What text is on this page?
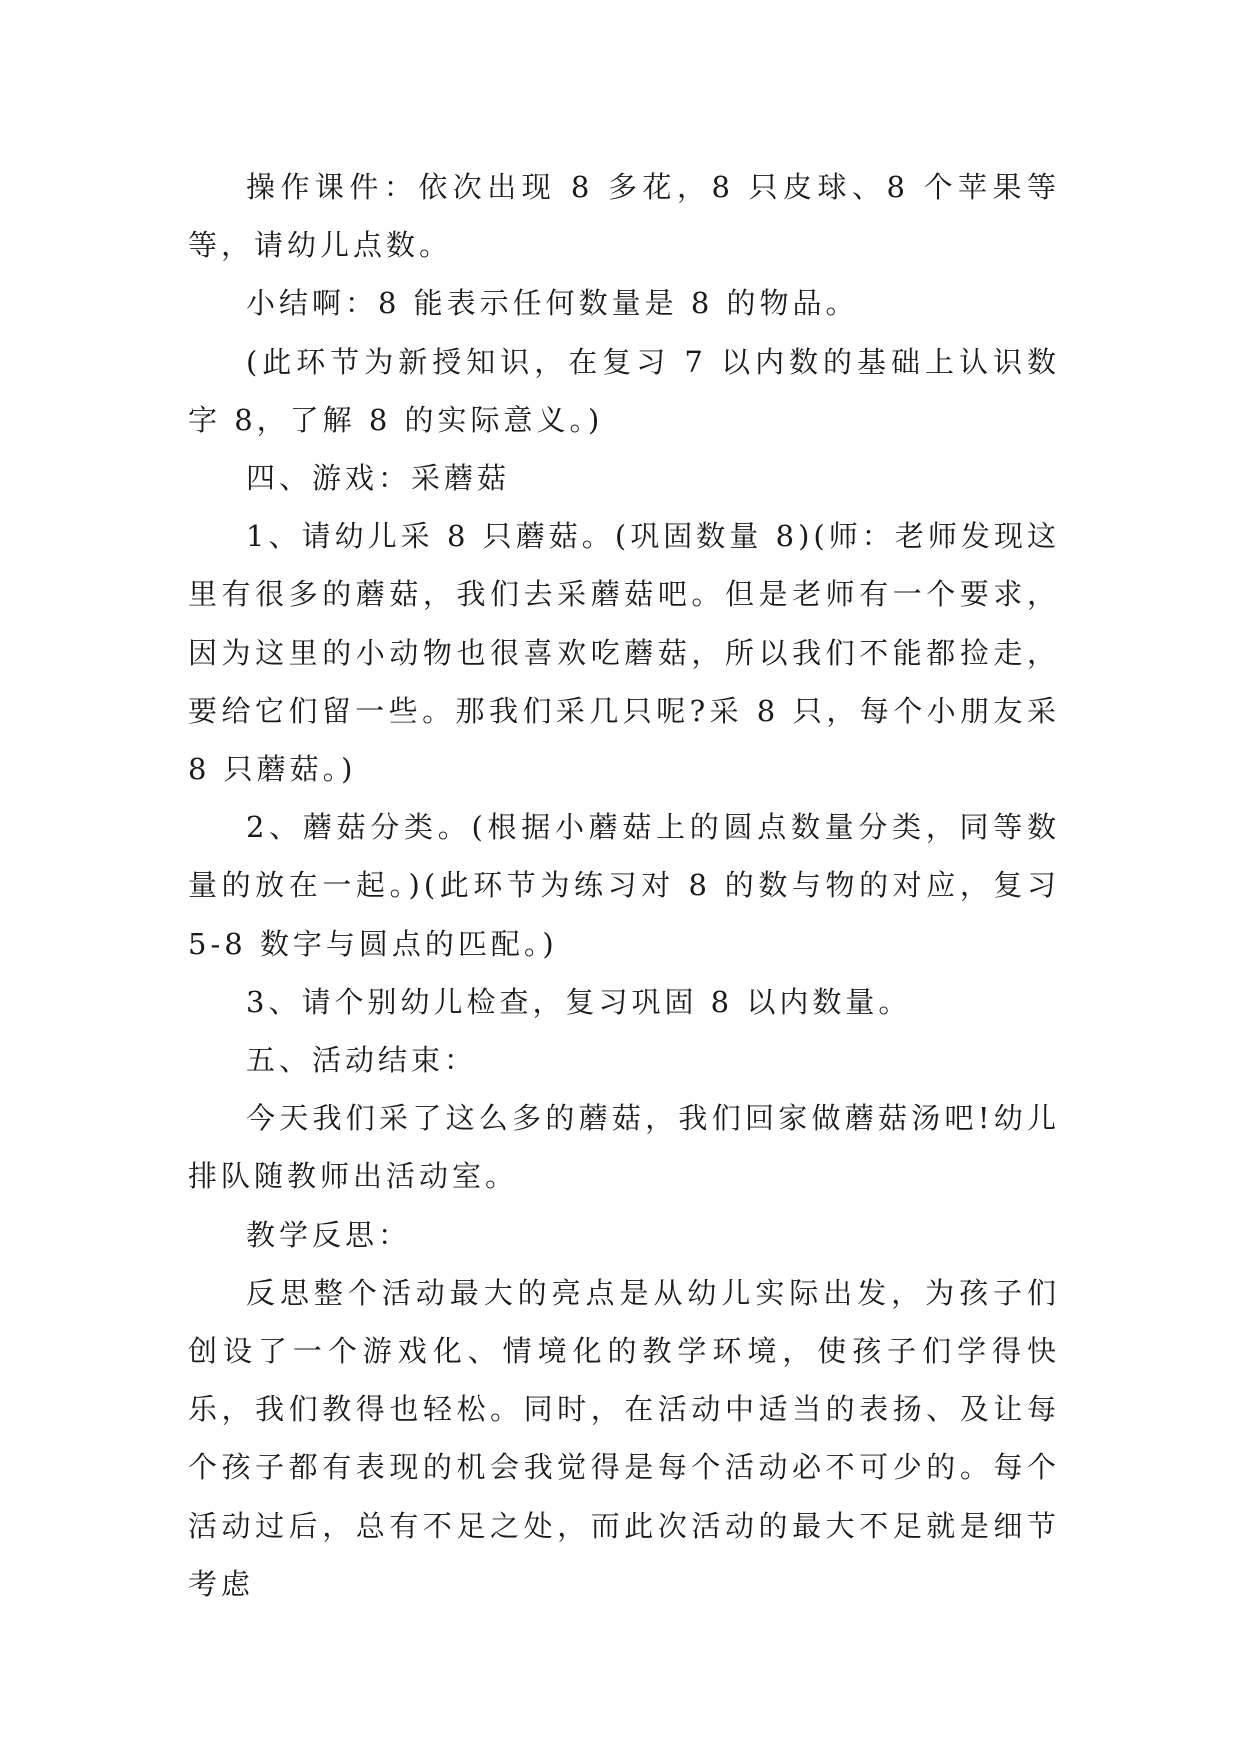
操作课件：依次出现 8 多花，8 只皮球、8 个苹果等等，请幼儿点数。

小结啊：8 能表示任何数量是 8 的物品。

(此环节为新授知识，在复习 7 以内数的基础上认识数字 8，了解 8 的实际意义。)

四、游戏：采蘑菇

1、请幼儿采 8 只蘑菇。(巩固数量 8)(师：老师发现这里有很多的蘑菇，我们去采蘑菇吧。但是老师有一个要求，因为这里的小动物也很喜欢吃蘑菇，所以我们不能都捡走，要给它们留一些。那我们采几只呢?采 8 只，每个小朋友采 8 只蘑菇。)

2、蘑菇分类。(根据小蘑菇上的圆点数量分类，同等数量的放在一起。)(此环节为练习对 8 的数与物的对应，复习 5-8 数字与圆点的匹配。)

3、请个别幼儿检查，复习巩固 8 以内数量。

五、活动结束：

今天我们采了这么多的蘑菇，我们回家做蘑菇汤吧!幼儿排队随教师出活动室。

教学反思：

反思整个活动最大的亮点是从幼儿实际出发，为孩子们创设了一个游戏化、情境化的教学环境，使孩子们学得快乐，我们教得也轻松。同时，在活动中适当的表扬、及让每个孩子都有表现的机会我觉得是每个活动必不可少的。每个活动过后，总有不足之处，而此次活动的最大不足就是细节考虑
